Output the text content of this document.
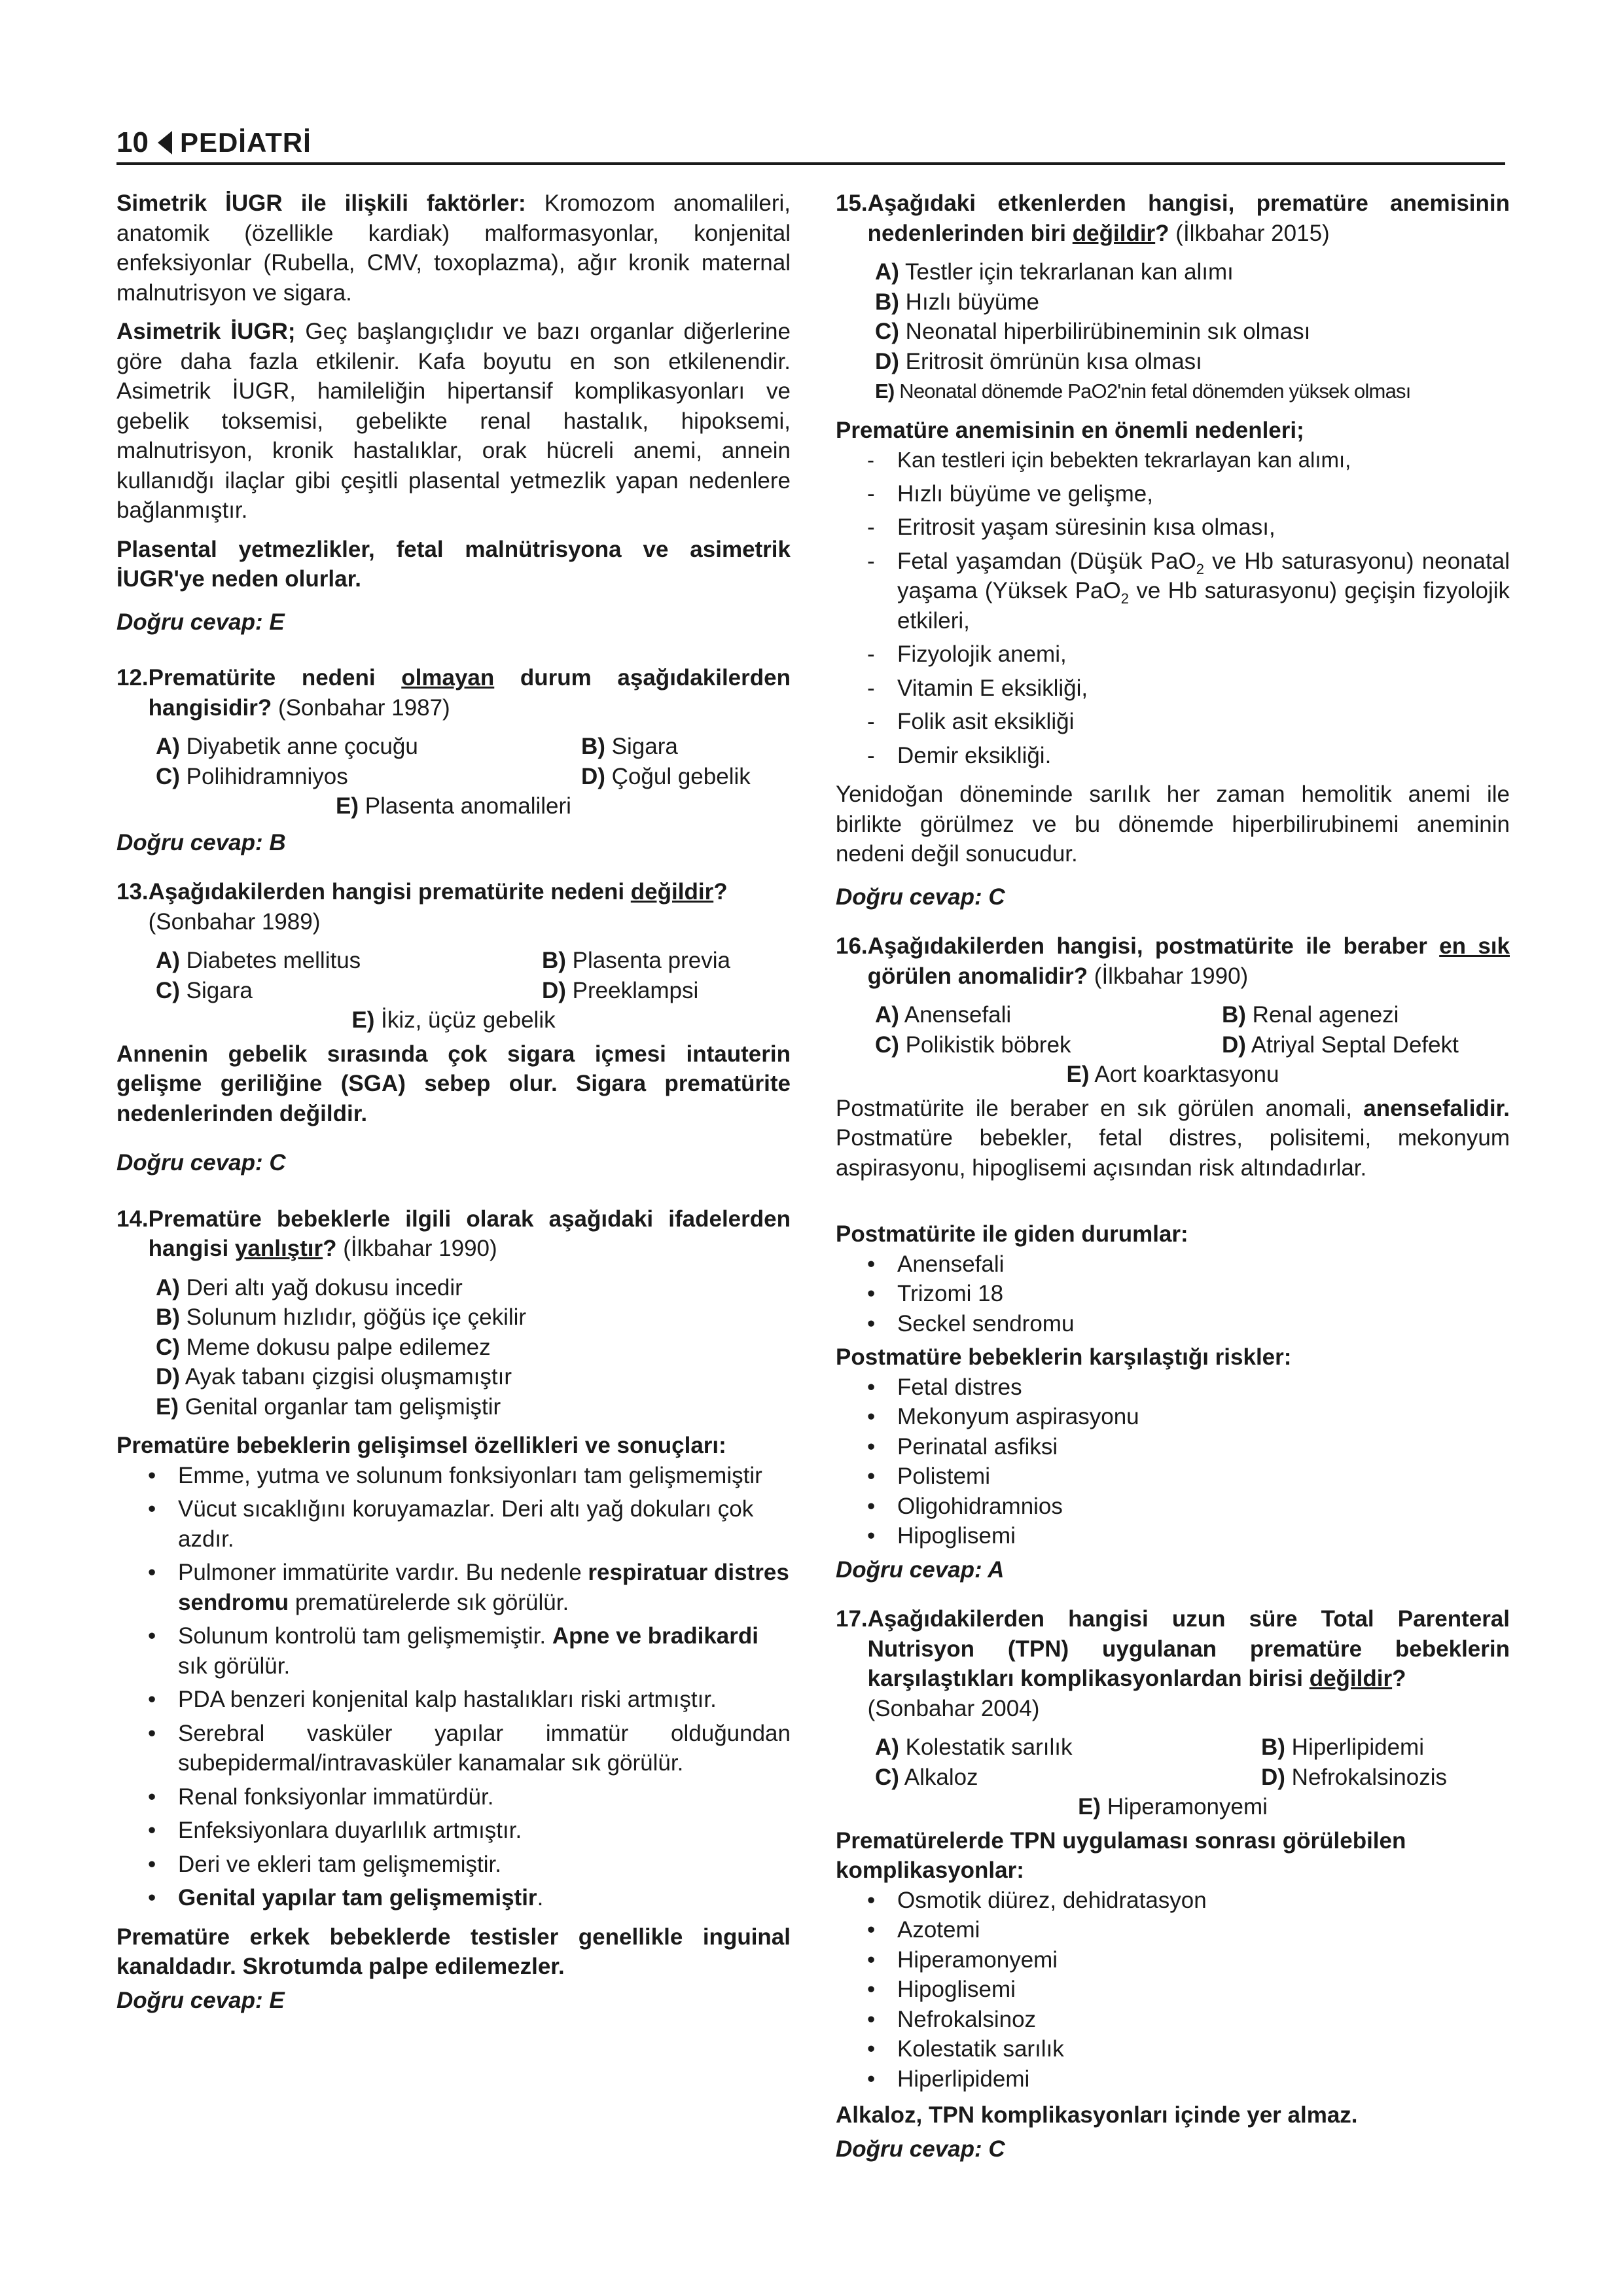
10 PEDİATRİ

Simetrik İUGR ile ilişkili faktörler: Kromozom anomalileri, anatomik (özellikle kardiak) malformasyonlar, konjenital enfeksiyonlar (Rubella, CMV, toxoplazma), ağır kronik maternal malnutrisyon ve sigara.

Asimetrik İUGR; Geç başlangıçlıdır ve bazı organlar diğerlerine göre daha fazla etkilenir. Kafa boyutu en son etkilenendir. Asimetrik İUGR, hamileliğin hipertansif komplikasyonları ve gebelik toksemisi, gebelikte renal hastalık, hipoksemi, malnutrisyon, kronik hastalıklar, orak hücreli anemi, annein kullanıdğı ilaçlar gibi çeşitli plasental yetmezlik yapan nedenlere bağlanmıştır.

Plasental yetmezlikler, fetal malnütrisyona ve asimetrik İUGR'ye neden olurlar.

Doğru cevap: E

12. Prematürite nedeni olmayan durum aşağıdakilerden hangisidir? (Sonbahar 1987)
A) Diyabetik anne çocuğu	B) Sigara
C) Polihidramniyos	D) Çoğul gebelik
E) Plasenta anomalileri

Doğru cevap: B

13. Aşağıdakilerden hangisi prematürite nedeni değildir?
(Sonbahar 1989)
A) Diabetes mellitus	B) Plasenta previa
C) Sigara	D) Preeklampsi
E) İkiz, üçüz gebelik

Annenin gebelik sırasında çok sigara içmesi intauterin gelişme geriliğine (SGA) sebep olur. Sigara prematürite nedenlerinden değildir.

Doğru cevap: C

14. Prematüre bebeklerle ilgili olarak aşağıdaki ifadelerden hangisi yanlıştır? (İlkbahar 1990)
A) Deri altı yağ dokusu incedir
B) Solunum hızlıdır, göğüs içe çekilir
C) Meme dokusu palpe edilemez
D) Ayak tabanı çizgisi oluşmamıştır
E) Genital organlar tam gelişmiştir

Prematüre bebeklerin gelişimsel özellikleri ve sonuçları:

• Emme, yutma ve solunum fonksiyonları tam gelişmemiştir
• Vücut sıcaklığını koruyamazlar. Deri altı yağ dokuları çok azdır.
• Pulmoner immatürite vardır. Bu nedenle respiratuar distres sendromu prematürelerde sık görülür.
• Solunum kontrolü tam gelişmemiştir. Apne ve bradikardi sık görülür.
• PDA benzeri konjenital kalp hastalıkları riski artmıştır.
• Serebral vasküler yapılar immatür olduğundan subepidermal/intravasküler kanamalar sık görülür.
• Renal fonksiyonlar immatürdür.
• Enfeksiyonlara duyarlılık artmıştır.
• Deri ve ekleri tam gelişmemiştir.
• Genital yapılar tam gelişmemiştir.

Prematüre erkek bebeklerde testisler genellikle inguinal kanaldadır. Skrotumda palpe edilemezler.

Doğru cevap: E

15. Aşağıdaki etkenlerden hangisi, prematüre anemisinin nedenlerinden biri değildir? (İlkbahar 2015)
A) Testler için tekrarlanan kan alımı
B) Hızlı büyüme
C) Neonatal hiperbilirübineminin sık olması
D) Eritrosit ömrünün kısa olması
E) Neonatal dönemde PaO2'nin fetal dönemden yüksek olması

Prematüre anemisinin en önemli nedenleri;

- Kan testleri için bebekten tekrarlayan kan alımı,
- Hızlı büyüme ve gelişme,
- Eritrosit yaşam süresinin kısa olması,
- Fetal yaşamdan (Düşük PaO$_2$ ve Hb saturasyonu) neonatal yaşama (Yüksek PaO$_2$ ve Hb saturasyonu) geçişin fizyolojik etkileri,
- Fizyolojik anemi,
- Vitamin E eksikliği,
- Folik asit eksikliği
- Demir eksikliği.

Yenidoğan döneminde sarılık her zaman hemolitik anemi ile birlikte görülmez ve bu dönemde hiperbilirubinemi aneminin nedeni değil sonucudur.

Doğru cevap: C

16. Aşağıdakilerden hangisi, postmatürite ile beraber en sık görülen anomalidir? (İlkbahar 1990)
A) Anensefali	B) Renal agenezi
C) Polikistik böbrek	D) Atriyal Septal Defekt
E) Aort koarktasyonu

Postmatürite ile beraber en sık görülen anomali, anensefalidir. Postmatüre bebekler, fetal distres, polisitemi, mekonyum aspirasyonu, hipoglisemi açısından risk altındadırlar.

Postmatürite ile giden durumlar:

• Anensefali
• Trizomi 18
• Seckel sendromu

Postmatüre bebeklerin karşılaştığı riskler:

• Fetal distres
• Mekonyum aspirasyonu
• Perinatal asfiksi
• Polistemi
• Oligohidramnios
• Hipoglisemi

Doğru cevap: A

17. Aşağıdakilerden hangisi uzun süre Total Parenteral Nutrisyon (TPN) uygulanan prematüre bebeklerin karşılaştıkları komplikasyonlardan birisi değildir?
(Sonbahar 2004)
A) Kolestatik sarılık	B) Hiperlipidemi
C) Alkaloz	D) Nefrokalsinozis
E) Hiperamonyemi

Prematürelerde TPN uygulaması sonrası görülebilen komplikasyonlar:

• Osmotik diürez, dehidratasyon
• Azotemi
• Hiperamonyemi
• Hipoglisemi
• Nefrokalsinoz
• Kolestatik sarılık
• Hiperlipidemi

Alkaloz, TPN komplikasyonları içinde yer almaz.

Doğru cevap: C
